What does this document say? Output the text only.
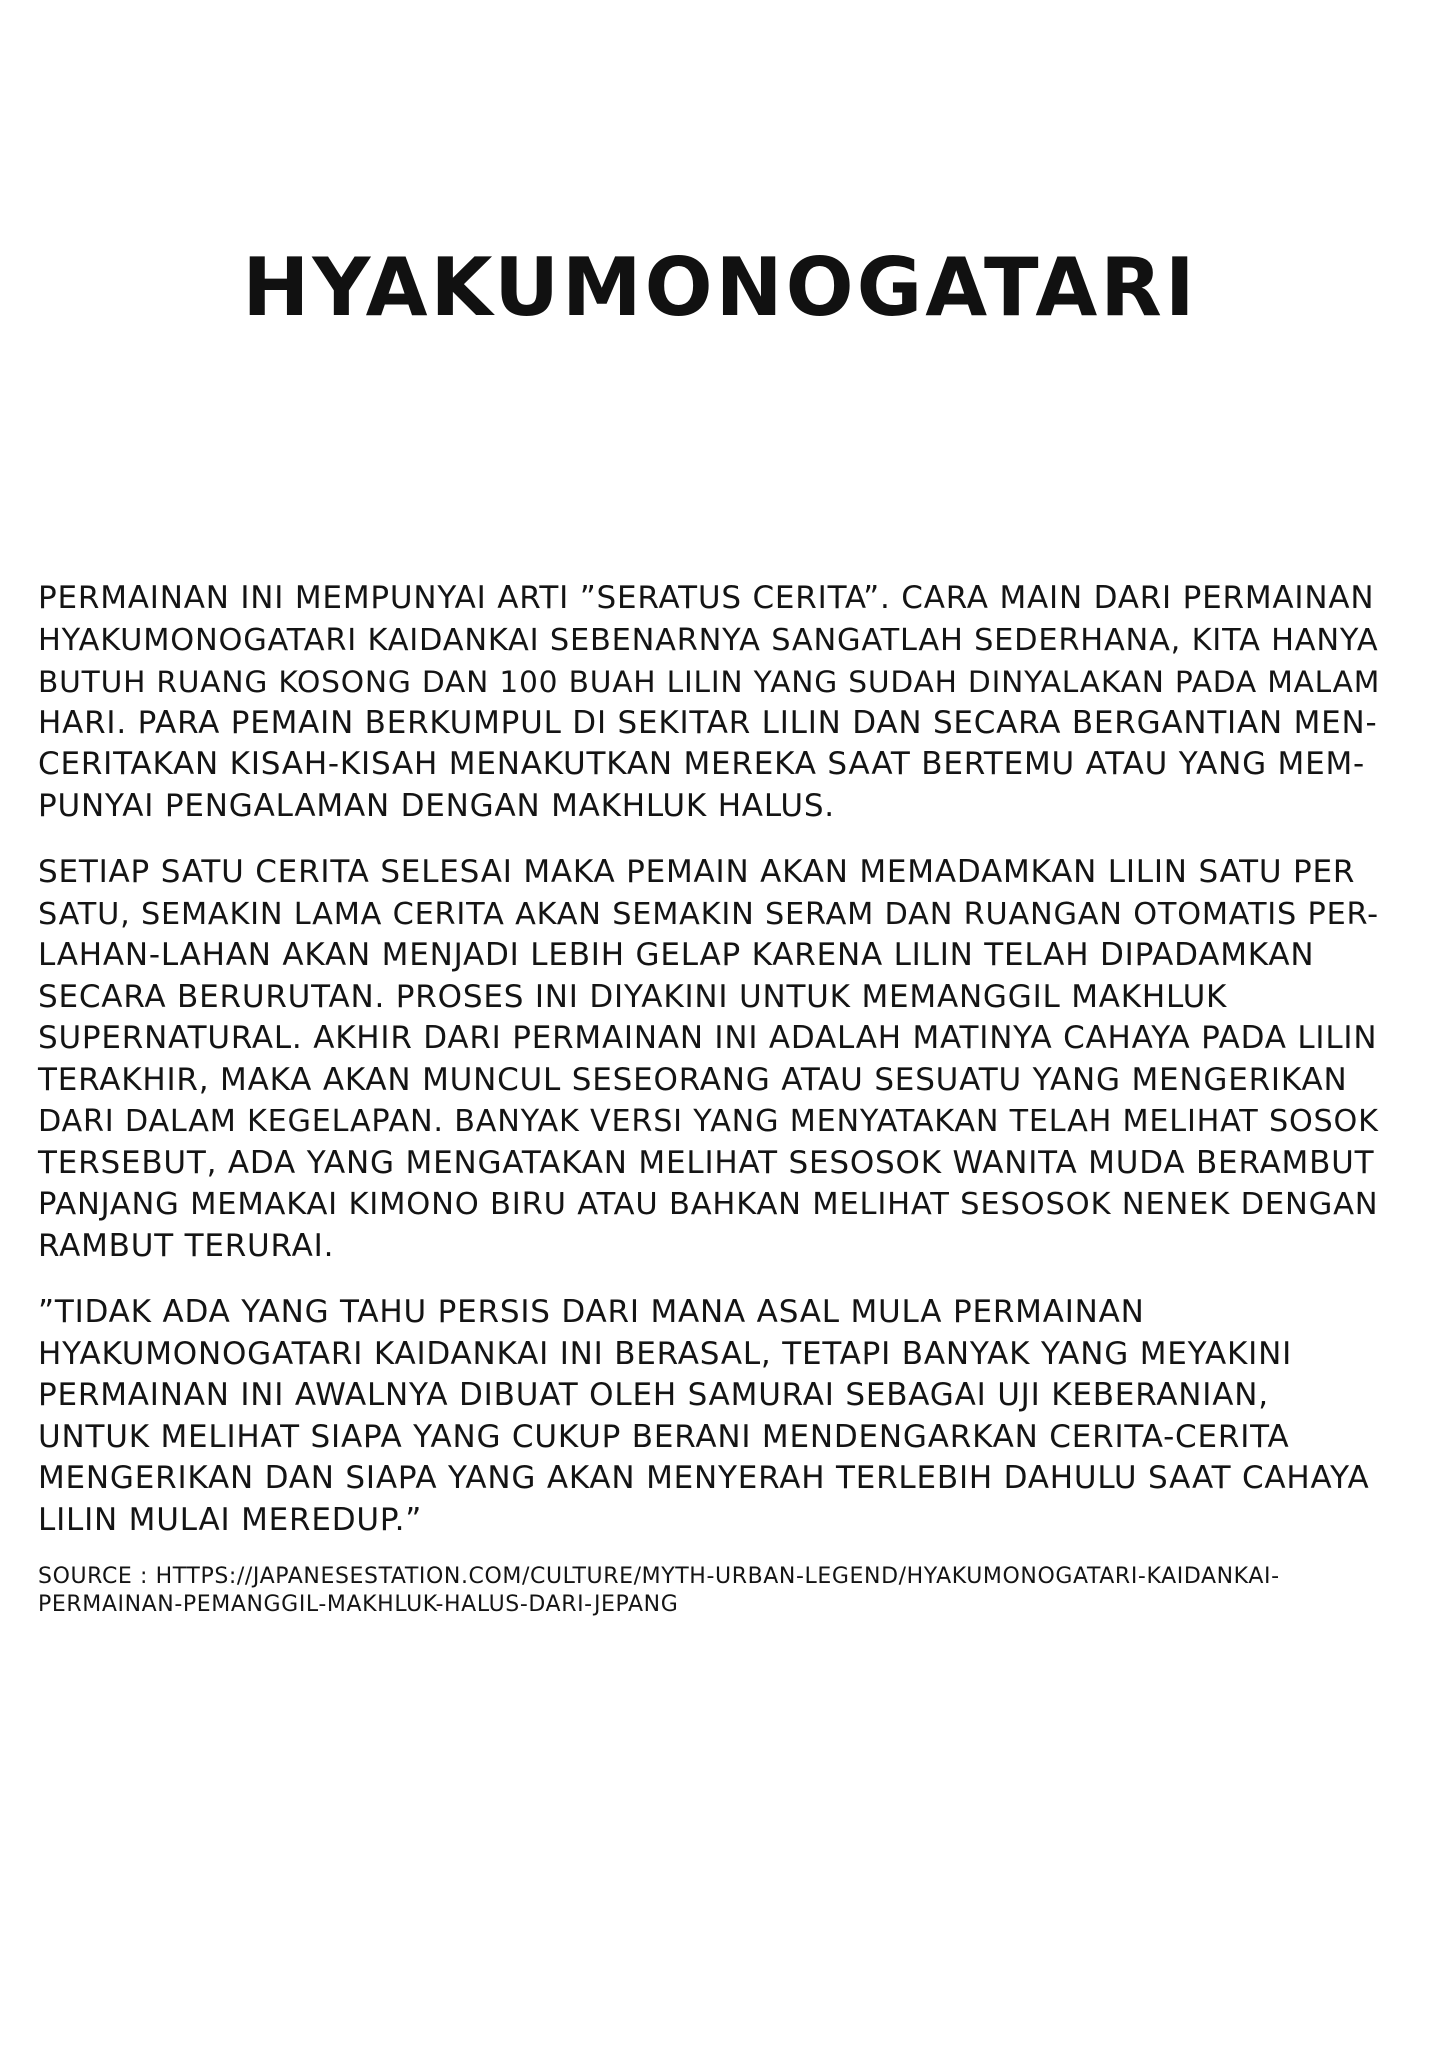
HYAKUMONOGATARI
PERMAINAN INI MEMPUNYAI ARTI ”SERATUS CERITA”. CARA MAIN DARI PERMAINAN
HYAKUMONOGATARI KAIDANKAI SEBENARNYA SANGATLAH SEDERHANA, KITA HANYA
BUTUH RUANG KOSONG DAN 100 BUAH LILIN YANG SUDAH DINYALAKAN PADA MALAM
HARI. PARA PEMAIN BERKUMPUL DI SEKITAR LILIN DAN SECARA BERGANTIAN MEN-
CERITAKAN KISAH-KISAH MENAKUTKAN MEREKA SAAT BERTEMU ATAU YANG MEM-
PUNYAI PENGALAMAN DENGAN MAKHLUK HALUS.
SETIAP SATU CERITA SELESAI MAKA PEMAIN AKAN MEMADAMKAN LILIN SATU PER
SATU, SEMAKIN LAMA CERITA AKAN SEMAKIN SERAM DAN RUANGAN OTOMATIS PER-
LAHAN-LAHAN AKAN MENJADI LEBIH GELAP KARENA LILIN TELAH DIPADAMKAN
SECARA BERURUTAN. PROSES INI DIYAKINI UNTUK MEMANGGIL MAKHLUK
SUPERNATURAL. AKHIR DARI PERMAINAN INI ADALAH MATINYA CAHAYA PADA LILIN
TERAKHIR, MAKA AKAN MUNCUL SESEORANG ATAU SESUATU YANG MENGERIKAN
DARI DALAM KEGELAPAN. BANYAK VERSI YANG MENYATAKAN TELAH MELIHAT SOSOK
TERSEBUT, ADA YANG MENGATAKAN MELIHAT SESOSOK WANITA MUDA BERAMBUT
PANJANG MEMAKAI KIMONO BIRU ATAU BAHKAN MELIHAT SESOSOK NENEK DENGAN
RAMBUT TERURAI.
”TIDAK ADA YANG TAHU PERSIS DARI MANA ASAL MULA PERMAINAN
HYAKUMONOGATARI KAIDANKAI INI BERASAL, TETAPI BANYAK YANG MEYAKINI
PERMAINAN INI AWALNYA DIBUAT OLEH SAMURAI SEBAGAI UJI KEBERANIAN,
UNTUK MELIHAT SIAPA YANG CUKUP BERANI MENDENGARKAN CERITA-CERITA
MENGERIKAN DAN SIAPA YANG AKAN MENYERAH TERLEBIH DAHULU SAAT CAHAYA
LILIN MULAI MEREDUP.”
SOURCE : HTTPS://JAPANESESTATION.COM/CULTURE/MYTH-URBAN-LEGEND/HYAKUMONOGATARI-KAIDANKAI-
PERMAINAN-PEMANGGIL-MAKHLUK-HALUS-DARI-JEPANG
